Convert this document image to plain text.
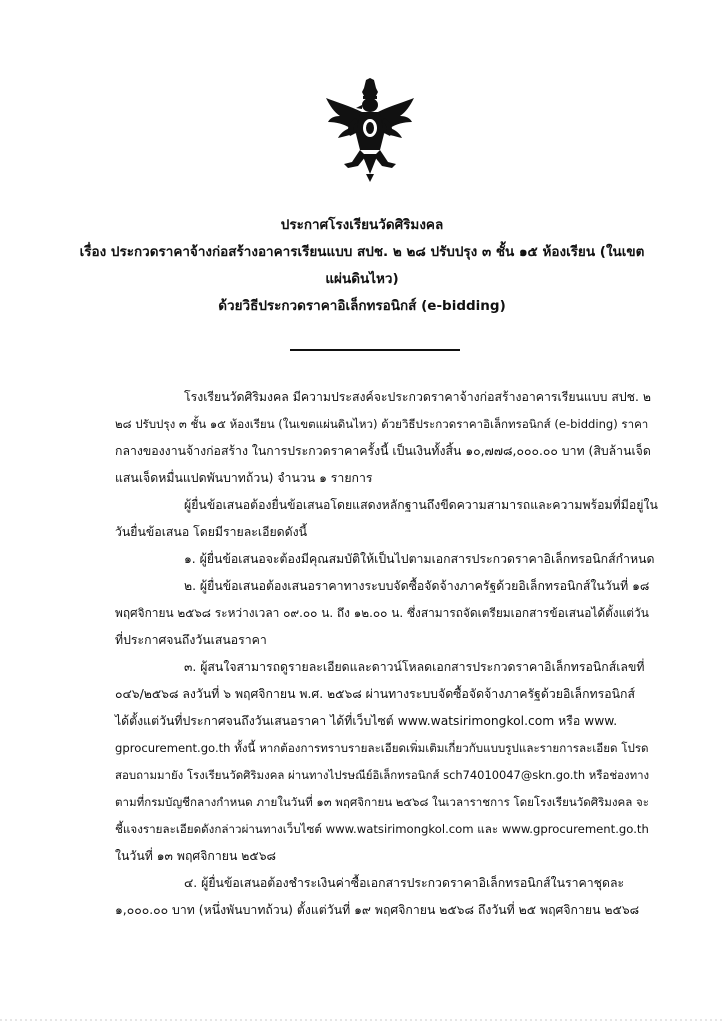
ประกาศโรงเรียนวัดศิริมงคล
เรื่อง ประกวดราคาจ้างก่อสร้างอาคารเรียนแบบ สปช. ๒ ๒๘ ปรับปรุง ๓ ชั้น ๑๕ ห้องเรียน (ในเขต
แผ่นดินไหว)
ด้วยวิธีประกวดราคาอิเล็กทรอนิกส์ (e-bidding)
โรงเรียนวัดศิริมงคล มีความประสงค์จะประกวดราคาจ้างก่อสร้างอาคารเรียนแบบ สปช. ๒
๒๘ ปรับปรุง ๓ ชั้น ๑๕ ห้องเรียน (ในเขตแผ่นดินไหว) ด้วยวิธีประกวดราคาอิเล็กทรอนิกส์ (e-bidding) ราคา
กลางของงานจ้างก่อสร้าง ในการประกวดราคาครั้งนี้ เป็นเงินทั้งสิ้น ๑๐,๗๗๘,๐๐๐.๐๐ บาท (สิบล้านเจ็ด
แสนเจ็ดหมื่นแปดพันบาทถ้วน) จำนวน ๑ รายการ
ผู้ยื่นข้อเสนอต้องยื่นข้อเสนอโดยแสดงหลักฐานถึงขีดความสามารถและความพร้อมที่มีอยู่ใน
วันยื่นข้อเสนอ โดยมีรายละเอียดดังนี้
๑. ผู้ยื่นข้อเสนอจะต้องมีคุณสมบัติให้เป็นไปตามเอกสารประกวดราคาอิเล็กทรอนิกส์กำหนด
๒. ผู้ยื่นข้อเสนอต้องเสนอราคาทางระบบจัดซื้อจัดจ้างภาครัฐด้วยอิเล็กทรอนิกส์ในวันที่ ๑๘
พฤศจิกายน ๒๕๖๘ ระหว่างเวลา ๐๙.๐๐ น. ถึง ๑๒.๐๐ น. ซึ่งสามารถจัดเตรียมเอกสารข้อเสนอได้ตั้งแต่วัน
ที่ประกาศจนถึงวันเสนอราคา
๓. ผู้สนใจสามารถดูรายละเอียดและดาวน์โหลดเอกสารประกวดราคาอิเล็กทรอนิกส์เลขที่
๐๔๖/๒๕๖๘ ลงวันที่ ๖ พฤศจิกายน พ.ศ. ๒๕๖๘ ผ่านทางระบบจัดซื้อจัดจ้างภาครัฐด้วยอิเล็กทรอนิกส์
ได้ตั้งแต่วันที่ประกาศจนถึงวันเสนอราคา ได้ที่เว็บไซต์ www.watsirimongkol.com หรือ www.
gprocurement.go.th ทั้งนี้ หากต้องการทราบรายละเอียดเพิ่มเติมเกี่ยวกับแบบรูปและรายการละเอียด โปรด
สอบถามมายัง โรงเรียนวัดศิริมงคล ผ่านทางไปรษณีย์อิเล็กทรอนิกส์ sch74010047@skn.go.th หรือช่องทาง
ตามที่กรมบัญชีกลางกำหนด ภายในวันที่ ๑๓ พฤศจิกายน ๒๕๖๘ ในเวลาราชการ โดยโรงเรียนวัดศิริมงคล จะ
ชี้แจงรายละเอียดดังกล่าวผ่านทางเว็บไซต์ www.watsirimongkol.com และ www.gprocurement.go.th
ในวันที่ ๑๓ พฤศจิกายน ๒๕๖๘
๔. ผู้ยื่นข้อเสนอต้องชำระเงินค่าซื้อเอกสารประกวดราคาอิเล็กทรอนิกส์ในราคาชุดละ
๑,๐๐๐.๐๐ บาท (หนึ่งพันบาทถ้วน) ตั้งแต่วันที่ ๑๙ พฤศจิกายน ๒๕๖๘ ถึงวันที่ ๒๕ พฤศจิกายน ๒๕๖๘
